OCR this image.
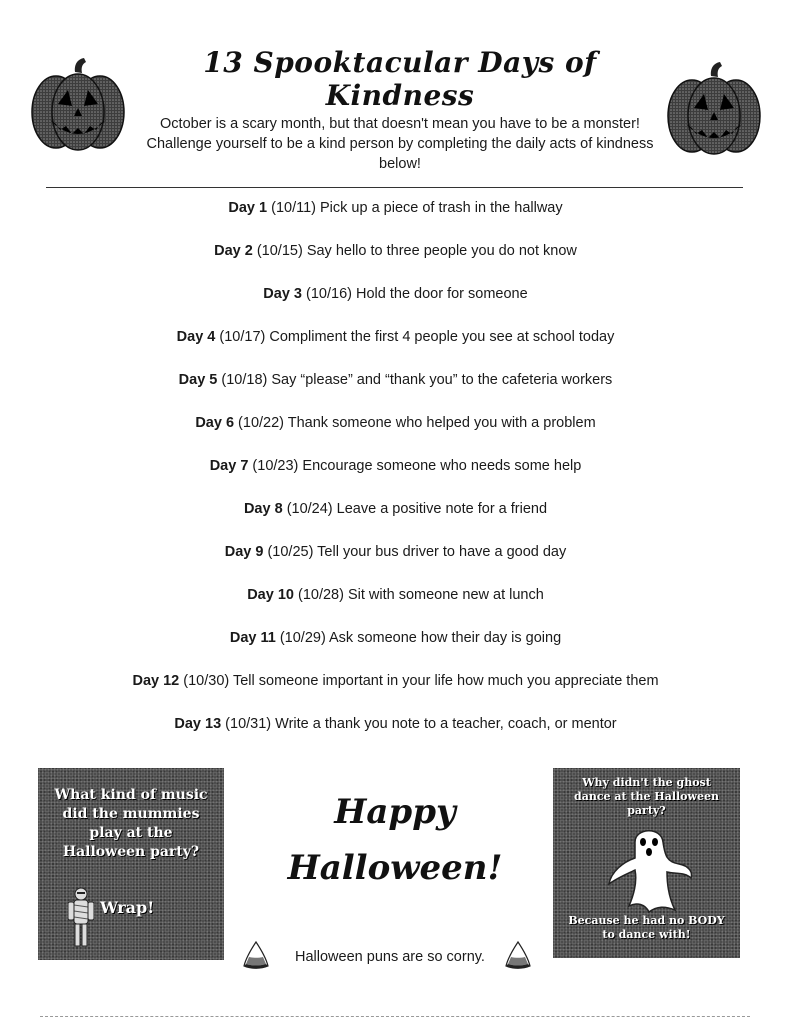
13 Spooktacular Days of Kindness
October is a scary month, but that doesn't mean you have to be a monster! Challenge yourself to be a kind person by completing the daily acts of kindness below!
Day 1 (10/11) Pick up a piece of trash in the hallway
Day 2 (10/15) Say hello to three people you do not know
Day 3 (10/16) Hold the door for someone
Day 4 (10/17) Compliment the first 4 people you see at school today
Day 5 (10/18) Say “please” and “thank you” to the cafeteria workers
Day 6 (10/22) Thank someone who helped you with a problem
Day 7 (10/23) Encourage someone who needs some help
Day 8 (10/24) Leave a positive note for a friend
Day 9 (10/25) Tell your bus driver to have a good day
Day 10 (10/28) Sit with someone new at lunch
Day 11 (10/29) Ask someone how their day is going
Day 12 (10/30) Tell someone important in your life how much you appreciate them
Day 13 (10/31) Write a thank you note to a teacher, coach, or mentor
What kind of music did the mummies play at the Halloween party?
Wrap!
Happy
Halloween!
Why didn't the ghost dance at the Halloween party?
Because he had no BODY to dance with!
Halloween puns are so corny.
